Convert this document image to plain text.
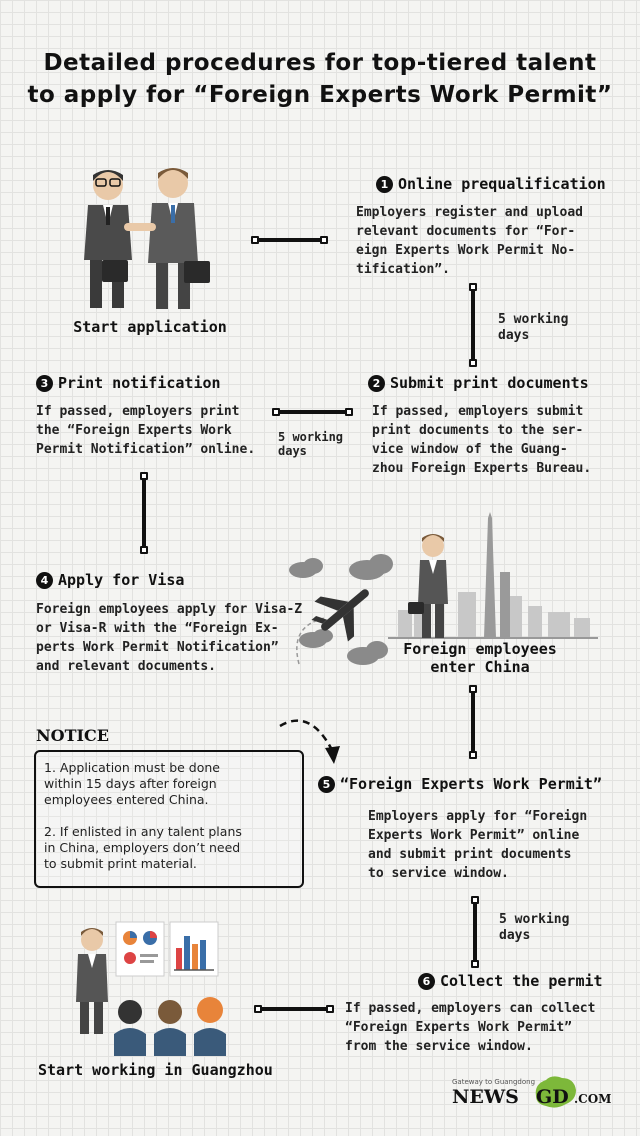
Detailed procedures for top-tiered talent
to apply for “Foreign Experts Work Permit”
Start application
1 Online prequalification
Employers register and upload
relevant documents for “For-
eign Experts Work Permit No-
tification”.
5 working
days
2 Submit print documents
If passed, employers submit
print documents to the ser-
vice window of the Guang-
zhou Foreign Experts Bureau.
5 working
days
3 Print notification
If passed, employers print
the “Foreign Experts Work
Permit Notification” online.
4 Apply for Visa
Foreign employees apply for Visa-Z
or Visa-R with the “Foreign Ex-
perts Work Permit Notification”
and relevant documents.
Foreign employees
enter China
NOTICE
1. Application must be done
within 15 days after foreign
employees entered China.
2. If enlisted in any talent plans
in China, employers don’t need
to submit print material.
5 “Foreign Experts Work Permit”
Employers apply for “Foreign
Experts Work Permit” online
and submit print documents
to service window.
5 working
days
6 Collect the permit
If passed, employers can collect
“Foreign Experts Work Permit”
from the service window.
Start working in Guangzhou
Gateway to Guangdong
NEWS GD .COM
